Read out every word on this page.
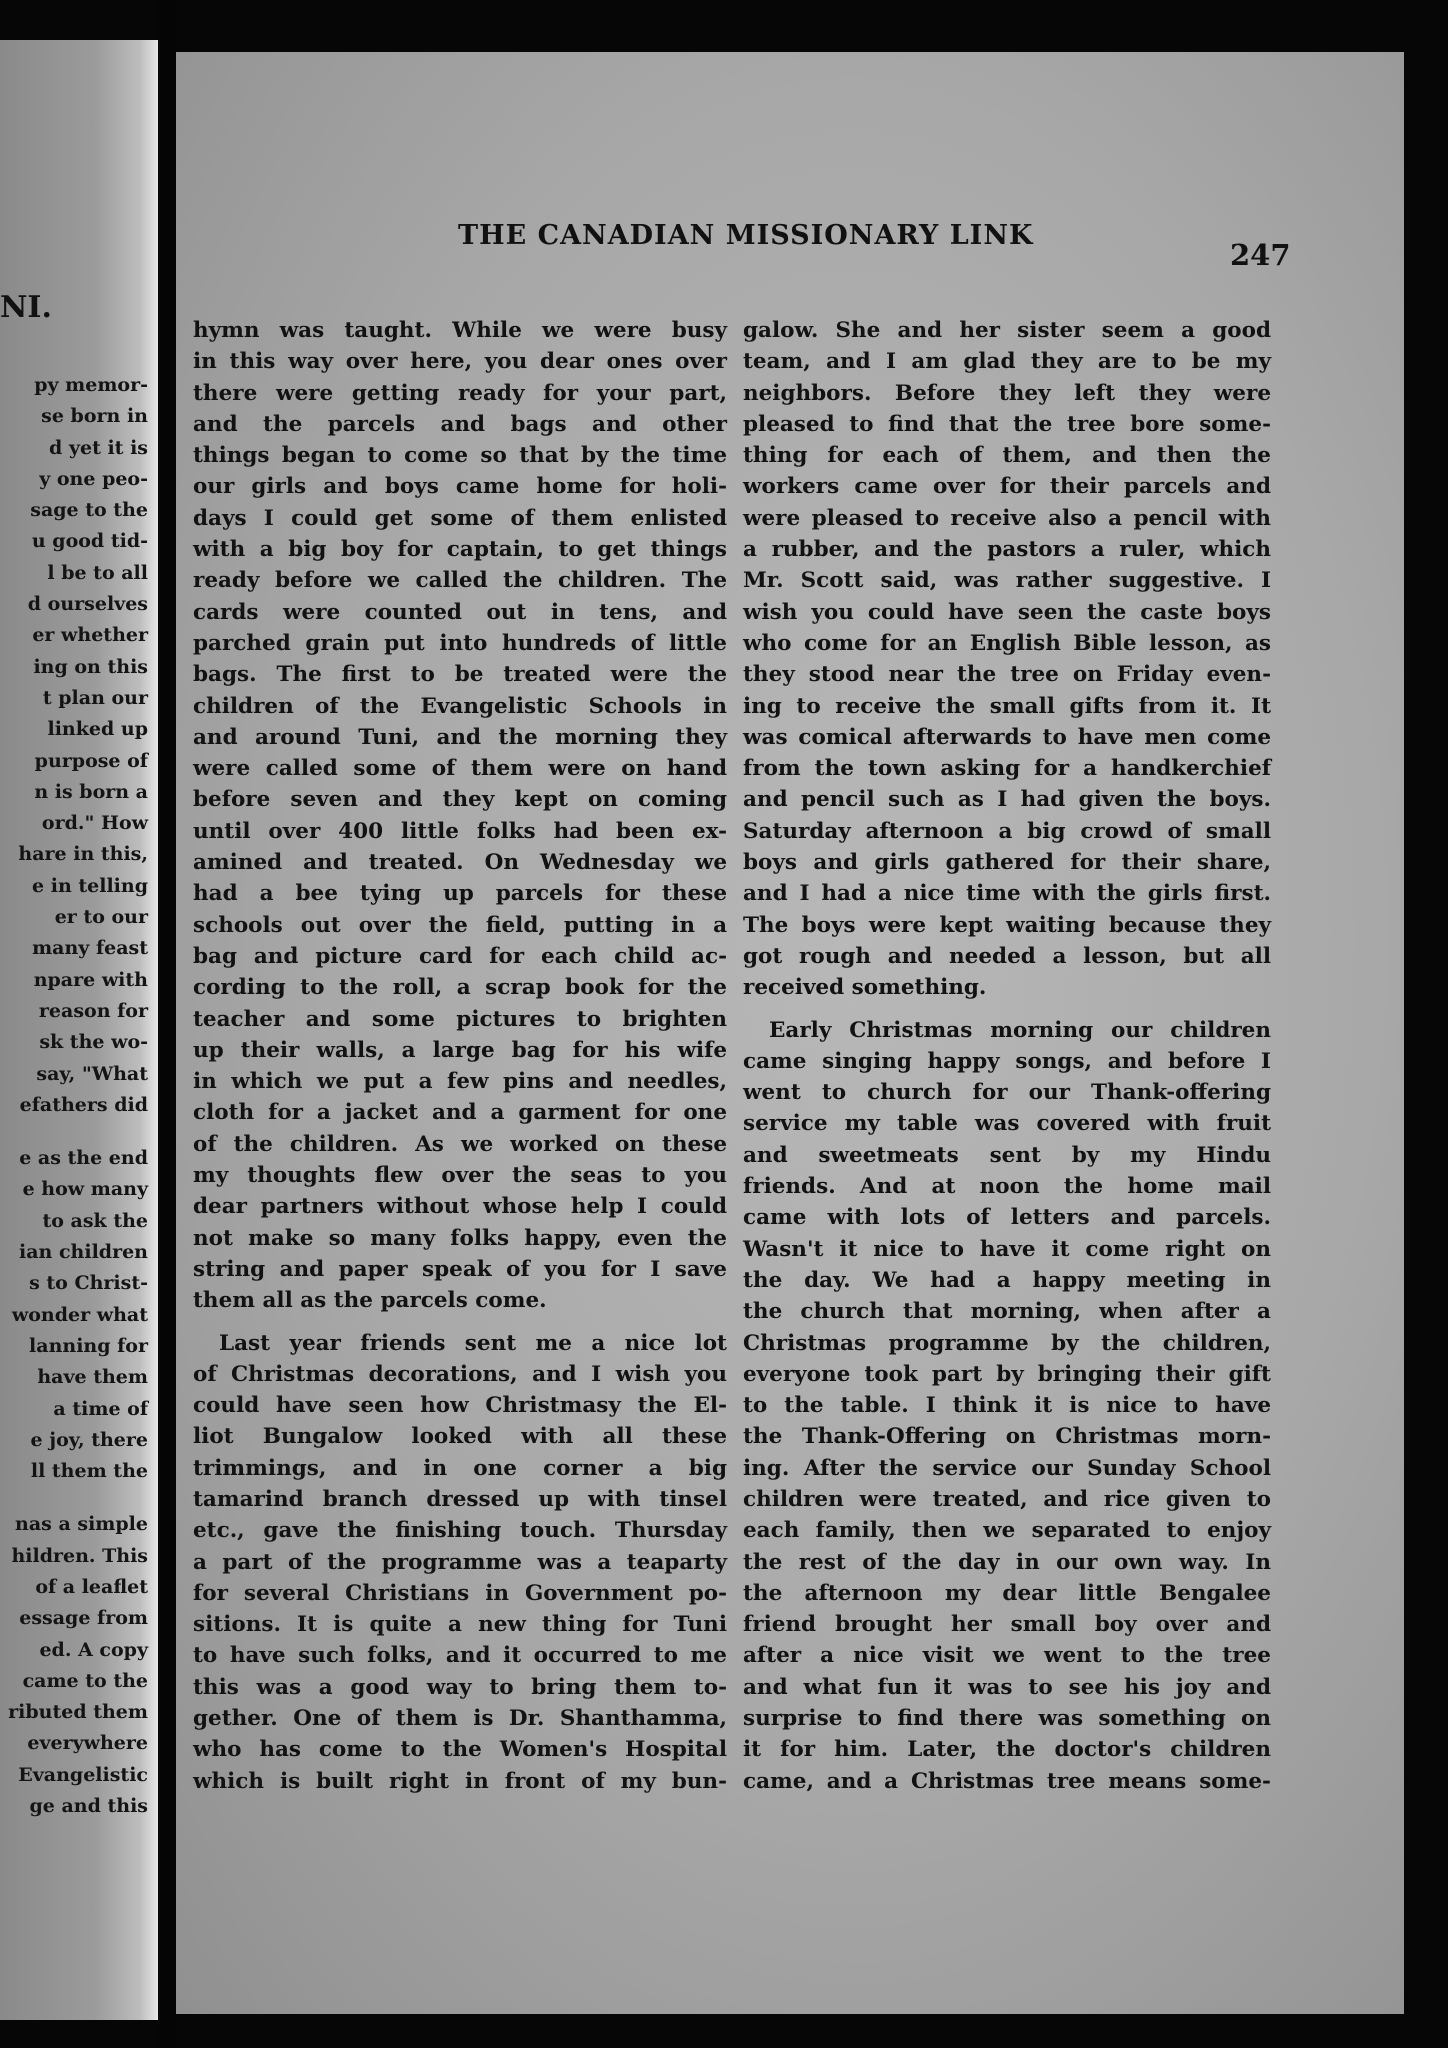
NI.
py memor-
se born in
d yet it is
y one peo-
sage to the
u good tid-
l be to all
d ourselves
er whether
ing on this
t plan our
linked up
purpose of
n is born a
ord." How
hare in this,
e in telling
er to our
many feast
npare with
reason for
sk the wo-
say, "What
efathers did
e as the end
e how many
to ask the
ian children
s to Christ-
wonder what
lanning for
have them
a time of
e joy, there
ll them the
nas a simple
hildren. This
of a leaflet
essage from
ed. A copy
came to the
ributed them
everywhere
Evangelistic
ge and this
THE CANADIAN MISSIONARY LINK
247
hymn was taught. While we were busy
in this way over here, you dear ones over
there were getting ready for your part,
and the parcels and bags and other
things began to come so that by the time
our girls and boys came home for holi-
days I could get some of them enlisted
with a big boy for captain, to get things
ready before we called the children. The
cards were counted out in tens, and
parched grain put into hundreds of little
bags. The first to be treated were the
children of the Evangelistic Schools in
and around Tuni, and the morning they
were called some of them were on hand
before seven and they kept on coming
until over 400 little folks had been ex-
amined and treated. On Wednesday we
had a bee tying up parcels for these
schools out over the field, putting in a
bag and picture card for each child ac-
cording to the roll, a scrap book for the
teacher and some pictures to brighten
up their walls, a large bag for his wife
in which we put a few pins and needles,
cloth for a jacket and a garment for one
of the children. As we worked on these
my thoughts flew over the seas to you
dear partners without whose help I could
not make so many folks happy, even the
string and paper speak of you for I save
them all as the parcels come.
Last year friends sent me a nice lot
of Christmas decorations, and I wish you
could have seen how Christmasy the El-
liot Bungalow looked with all these
trimmings, and in one corner a big
tamarind branch dressed up with tinsel
etc., gave the finishing touch. Thursday
a part of the programme was a teaparty
for several Christians in Government po-
sitions. It is quite a new thing for Tuni
to have such folks, and it occurred to me
this was a good way to bring them to-
gether. One of them is Dr. Shanthamma,
who has come to the Women's Hospital
which is built right in front of my bun-
galow. She and her sister seem a good
team, and I am glad they are to be my
neighbors. Before they left they were
pleased to find that the tree bore some-
thing for each of them, and then the
workers came over for their parcels and
were pleased to receive also a pencil with
a rubber, and the pastors a ruler, which
Mr. Scott said, was rather suggestive. I
wish you could have seen the caste boys
who come for an English Bible lesson, as
they stood near the tree on Friday even-
ing to receive the small gifts from it. It
was comical afterwards to have men come
from the town asking for a handkerchief
and pencil such as I had given the boys.
Saturday afternoon a big crowd of small
boys and girls gathered for their share,
and I had a nice time with the girls first.
The boys were kept waiting because they
got rough and needed a lesson, but all
received something.
Early Christmas morning our children
came singing happy songs, and before I
went to church for our Thank-offering
service my table was covered with fruit
and sweetmeats sent by my Hindu
friends. And at noon the home mail
came with lots of letters and parcels.
Wasn't it nice to have it come right on
the day. We had a happy meeting in
the church that morning, when after a
Christmas programme by the children,
everyone took part by bringing their gift
to the table. I think it is nice to have
the Thank-Offering on Christmas morn-
ing. After the service our Sunday School
children were treated, and rice given to
each family, then we separated to enjoy
the rest of the day in our own way. In
the afternoon my dear little Bengalee
friend brought her small boy over and
after a nice visit we went to the tree
and what fun it was to see his joy and
surprise to find there was something on
it for him. Later, the doctor's children
came, and a Christmas tree means some-
